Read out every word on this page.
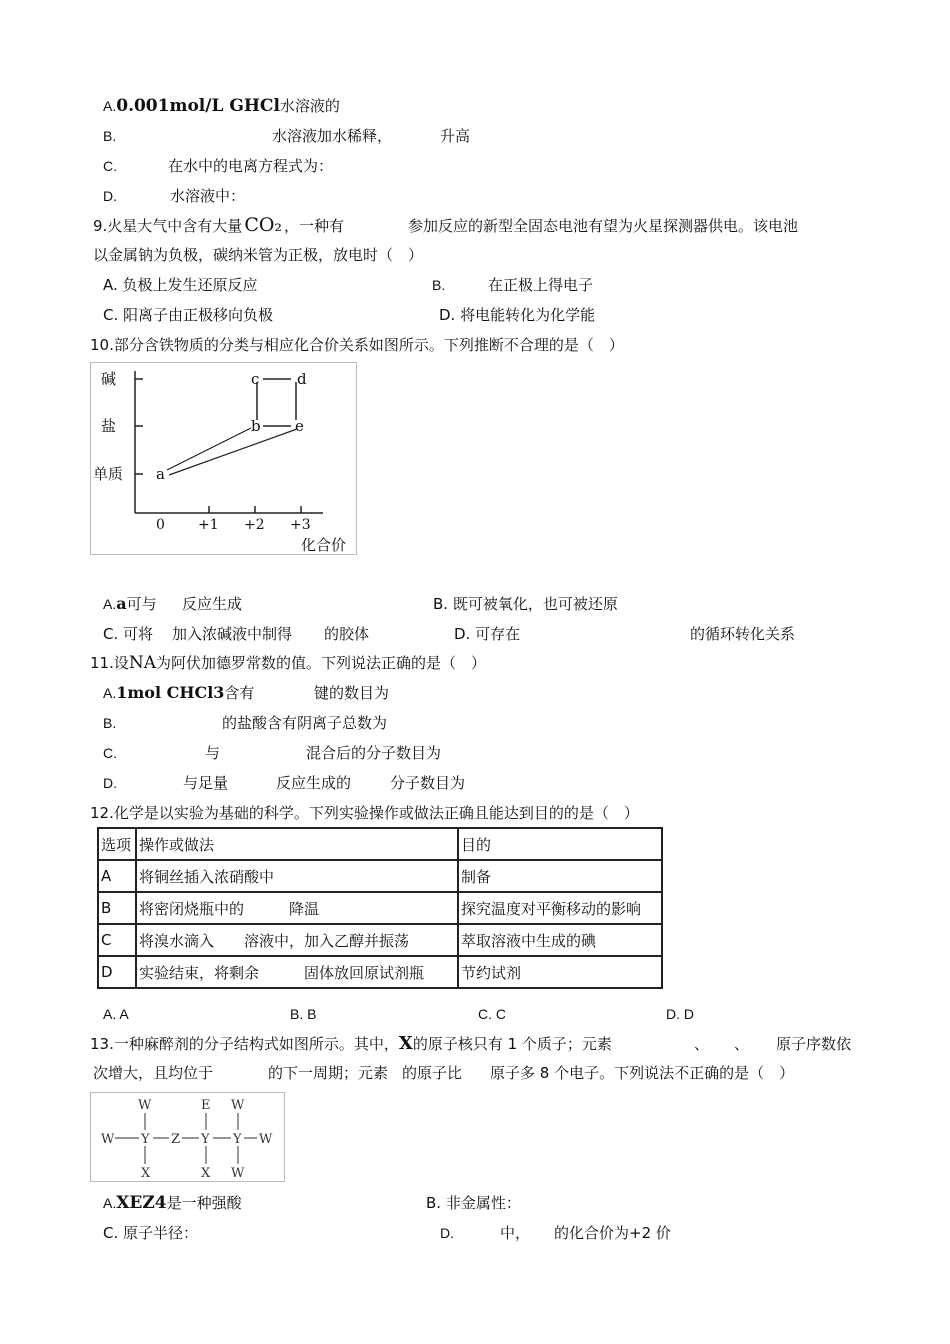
A.0.001mol/L GHCl水溶液的
B.	水溶液加水稀释，	升高
C.	在水中的电离方程式为：
D.	水溶液中：
9.火星大气中含有大量 CO₂ ，一种有	参加反应的新型全固态电池有望为火星探测器供电。该电池
以金属钠为负极，碳纳米管为正极，放电时（　）
A. 负极上发生还原反应	B.	在正极上得电子
C. 阳离子由正极移向负极	D. 将电能转化为化学能
10.部分含铁物质的分类与相应化合价关系如图所示。下列推断不合理的是（　）
碱
盐
单质
c	d
b e
a
0 +1 +2 +3
化合价
A.a可与 反应生成	B. 既可被氧化，也可被还原
C. 可将 加入浓碱液中制得 的胶体	D. 可存在	的循环转化关系
11.设NA为阿伏加德罗常数的值。下列说法正确的是（　）
A.1mol CHCl3含有	键的数目为
B.	的盐酸含有阴离子总数为
C.	与	混合后的分子数目为
D.	与足量	反应生成的	分子数目为
12.化学是以实验为基础的科学。下列实验操作或做法正确且能达到目的的是（　）
选项	操作或做法	目的
A	将铜丝插入浓硝酸中	制备
B	将密闭烧瓶中的　　　降温	探究温度对平衡移动的影响
C	将溴水滴入　　溶液中，加入乙醇并振荡	萃取溶液中生成的碘
D	实验结束，将剩余　　　固体放回原试剂瓶	节约试剂
A. A	B. B	C. C	D. D
13.一种麻醉剂的分子结构式如图所示。其中，X的原子核只有 1 个质子；元素	、 、 原子序数依
次增大，且均位于	的下一周期；元素 的原子比 原子多 8 个电子。下列说法不正确的是（　）
W	E W
W Y Z Y Y W
X	X W
A.XEZ4是一种强酸	B. 非金属性：
C. 原子半径：	D.	中， 的化合价为+2 价
